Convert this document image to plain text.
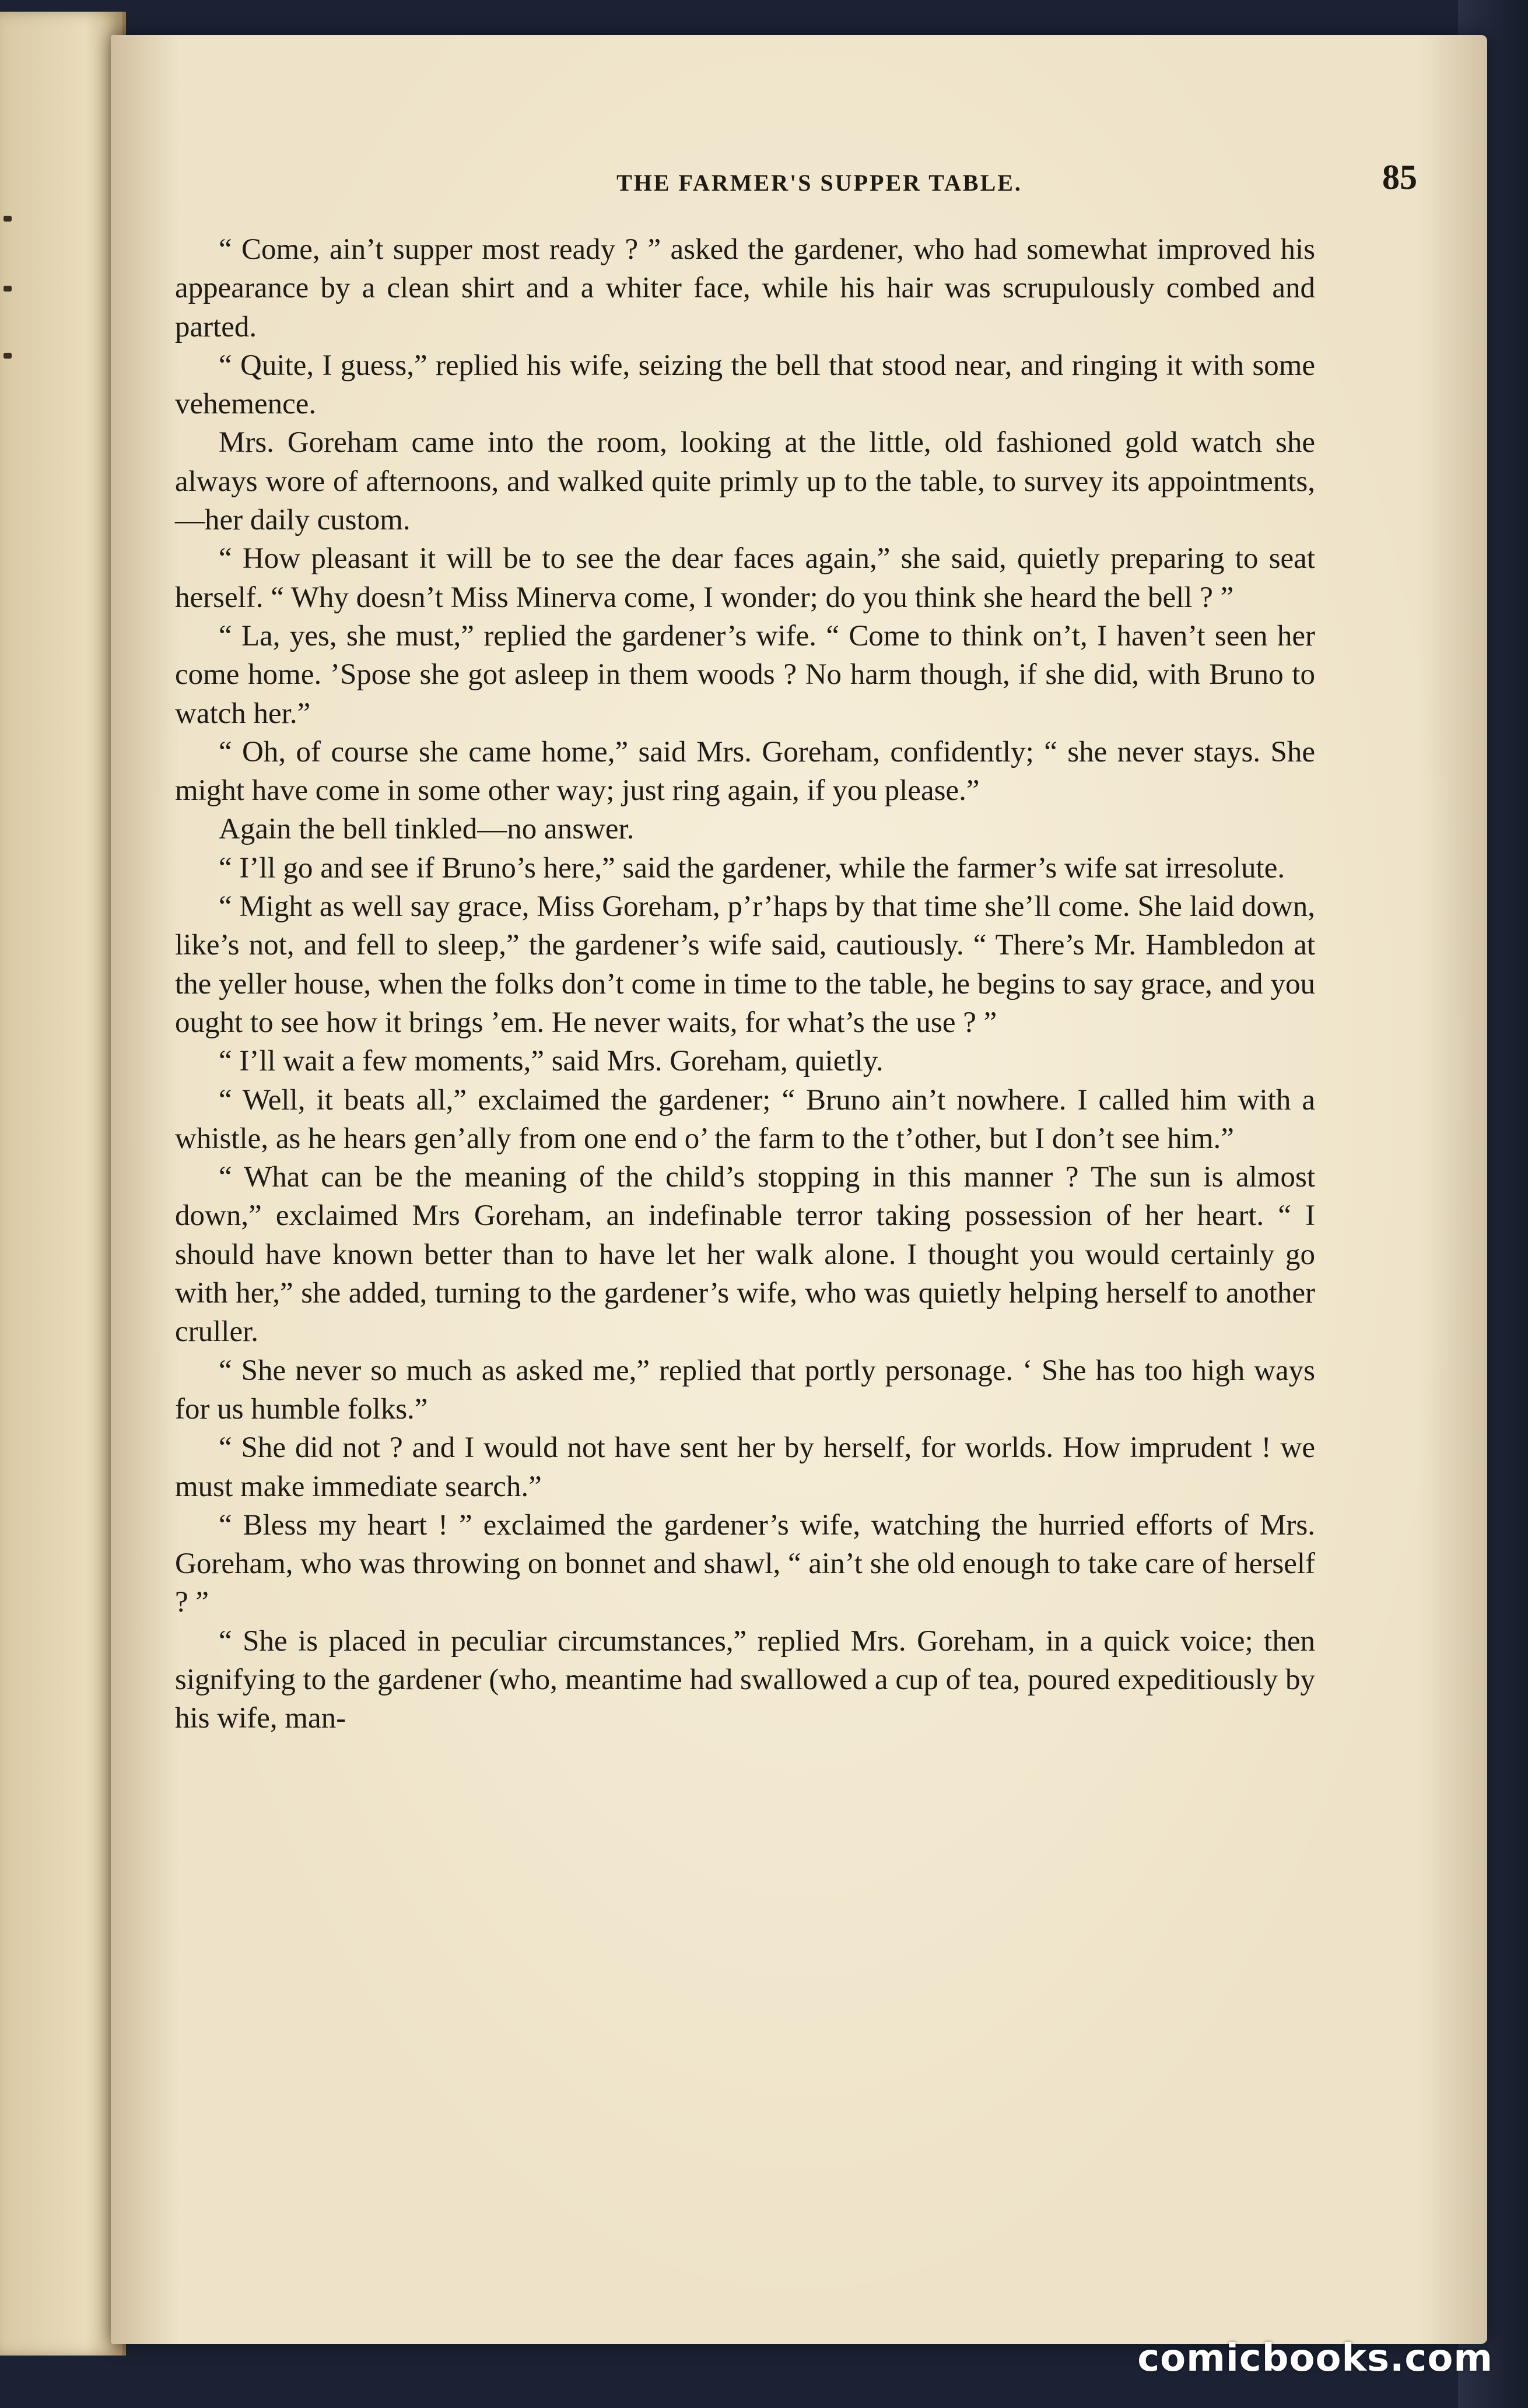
THE FARMER'S SUPPER TABLE.	85

“ Come, ain’t supper most ready ? ” asked the gardener, who had somewhat improved his appearance by a clean shirt and a whiter face, while his hair was scrupulously combed and parted.

“ Quite, I guess,” replied his wife, seizing the bell that stood near, and ringing it with some vehemence.

Mrs. Goreham came into the room, looking at the little, old fashioned gold watch she always wore of afternoons, and walked quite primly up to the table, to survey its appointments,—her daily custom.

“ How pleasant it will be to see the dear faces again,” she said, quietly preparing to seat herself. “ Why doesn’t Miss Minerva come, I wonder; do you think she heard the bell ? ”

“ La, yes, she must,” replied the gardener’s wife. “ Come to think on’t, I haven’t seen her come home. ’Spose she got asleep in them woods ? No harm though, if she did, with Bruno to watch her.”

“ Oh, of course she came home,” said Mrs. Goreham, confidently; “ she never stays. She might have come in some other way; just ring again, if you please.”

Again the bell tinkled—no answer.

“ I’ll go and see if Bruno’s here,” said the gardener, while the farmer’s wife sat irresolute.

“ Might as well say grace, Miss Goreham, p’r’haps by that time she’ll come. She laid down, like’s not, and fell to sleep,” the gardener’s wife said, cautiously. “ There’s Mr. Hambledon at the yeller house, when the folks don’t come in time to the table, he begins to say grace, and you ought to see how it brings ’em. He never waits, for what’s the use ? ”

“ I’ll wait a few moments,” said Mrs. Goreham, quietly.

“ Well, it beats all,” exclaimed the gardener; “ Bruno ain’t nowhere. I called him with a whistle, as he hears gen’ally from one end o’ the farm to the t’other, but I don’t see him.”

“ What can be the meaning of the child’s stopping in this manner ? The sun is almost down,” exclaimed Mrs Goreham, an indefinable terror taking possession of her heart. “ I should have known better than to have let her walk alone. I thought you would certainly go with her,” she added, turning to the gardener’s wife, who was quietly helping herself to another cruller.

“ She never so much as asked me,” replied that portly personage. ‘ She has too high ways for us humble folks.”

“ She did not ? and I would not have sent her by herself, for worlds. How imprudent ! we must make immediate search.”

“ Bless my heart ! ” exclaimed the gardener’s wife, watching the hurried efforts of Mrs. Goreham, who was throwing on bonnet and shawl, “ ain’t she old enough to take care of herself ? ”

“ She is placed in peculiar circumstances,” replied Mrs. Goreham, in a quick voice; then signifying to the gardener (who, meantime had swallowed a cup of tea, poured expeditiously by his wife, man-

comicbooks.com
